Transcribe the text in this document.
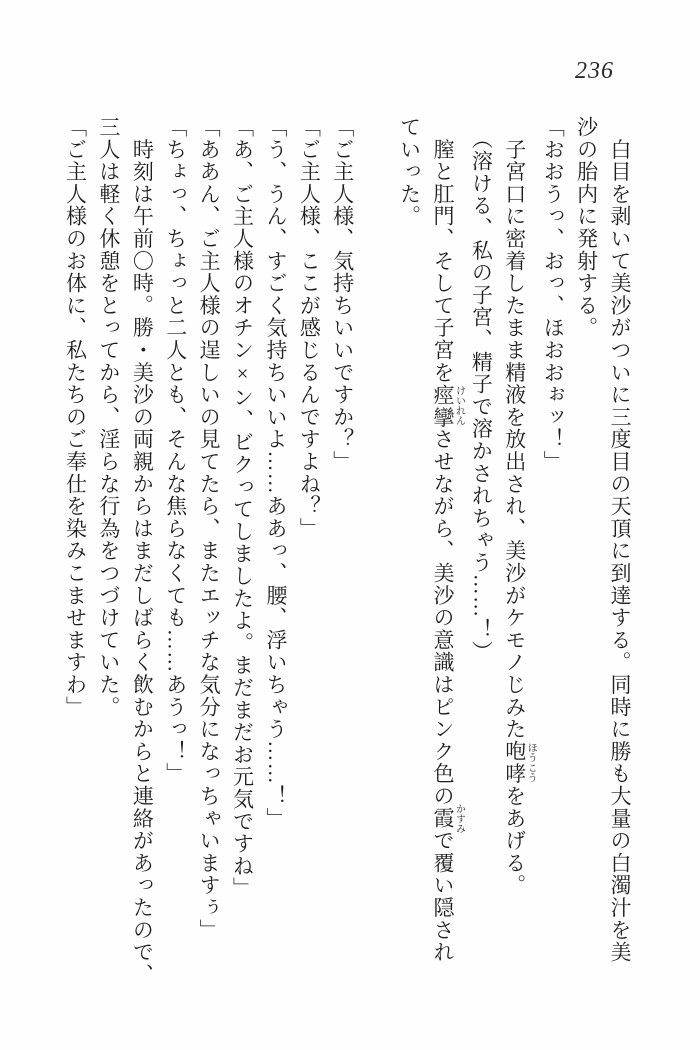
236

　白目を剥いて美沙がついに三度目の天頂に到達する。同時に勝も大量の白濁汁を美

沙の胎内に発射する。

「おおうっ、おっ、ほおおぉッ！」

　子宮口に密着したまま精液を放出され、美沙がケモノじみた咆哮ほうこうをあげる。

　（溶ける、私の子宮、精子で溶かされちゃう……！）

　膣と肛門、そして子宮を痙攣けいれんさせながら、美沙の意識はピンク色の霞かすみで覆い隠され

ていった。

「ご主人様、気持ちいいですか？」

「ご主人様、ここが感じるんですよね？」

「う、うん、すごく気持ちいいよ……ああっ、腰、浮いちゃう……！」

「あ、ご主人様のオチン×ン、ビクってしましたよ。まだまだお元気ですね」

「ああん、ご主人様の逞しいの見てたら、またエッチな気分になっちゃいますぅ」

「ちょっ、ちょっと二人とも、そんな焦らなくても……あうっ！」

　時刻は午前〇時。勝・美沙の両親からはまだしばらく飲むからと連絡があったので、

三人は軽く休憩をとってから、淫らな行為をつづけていた。

「ご主人様のお体に、私たちのご奉仕を染みこませますわ」
